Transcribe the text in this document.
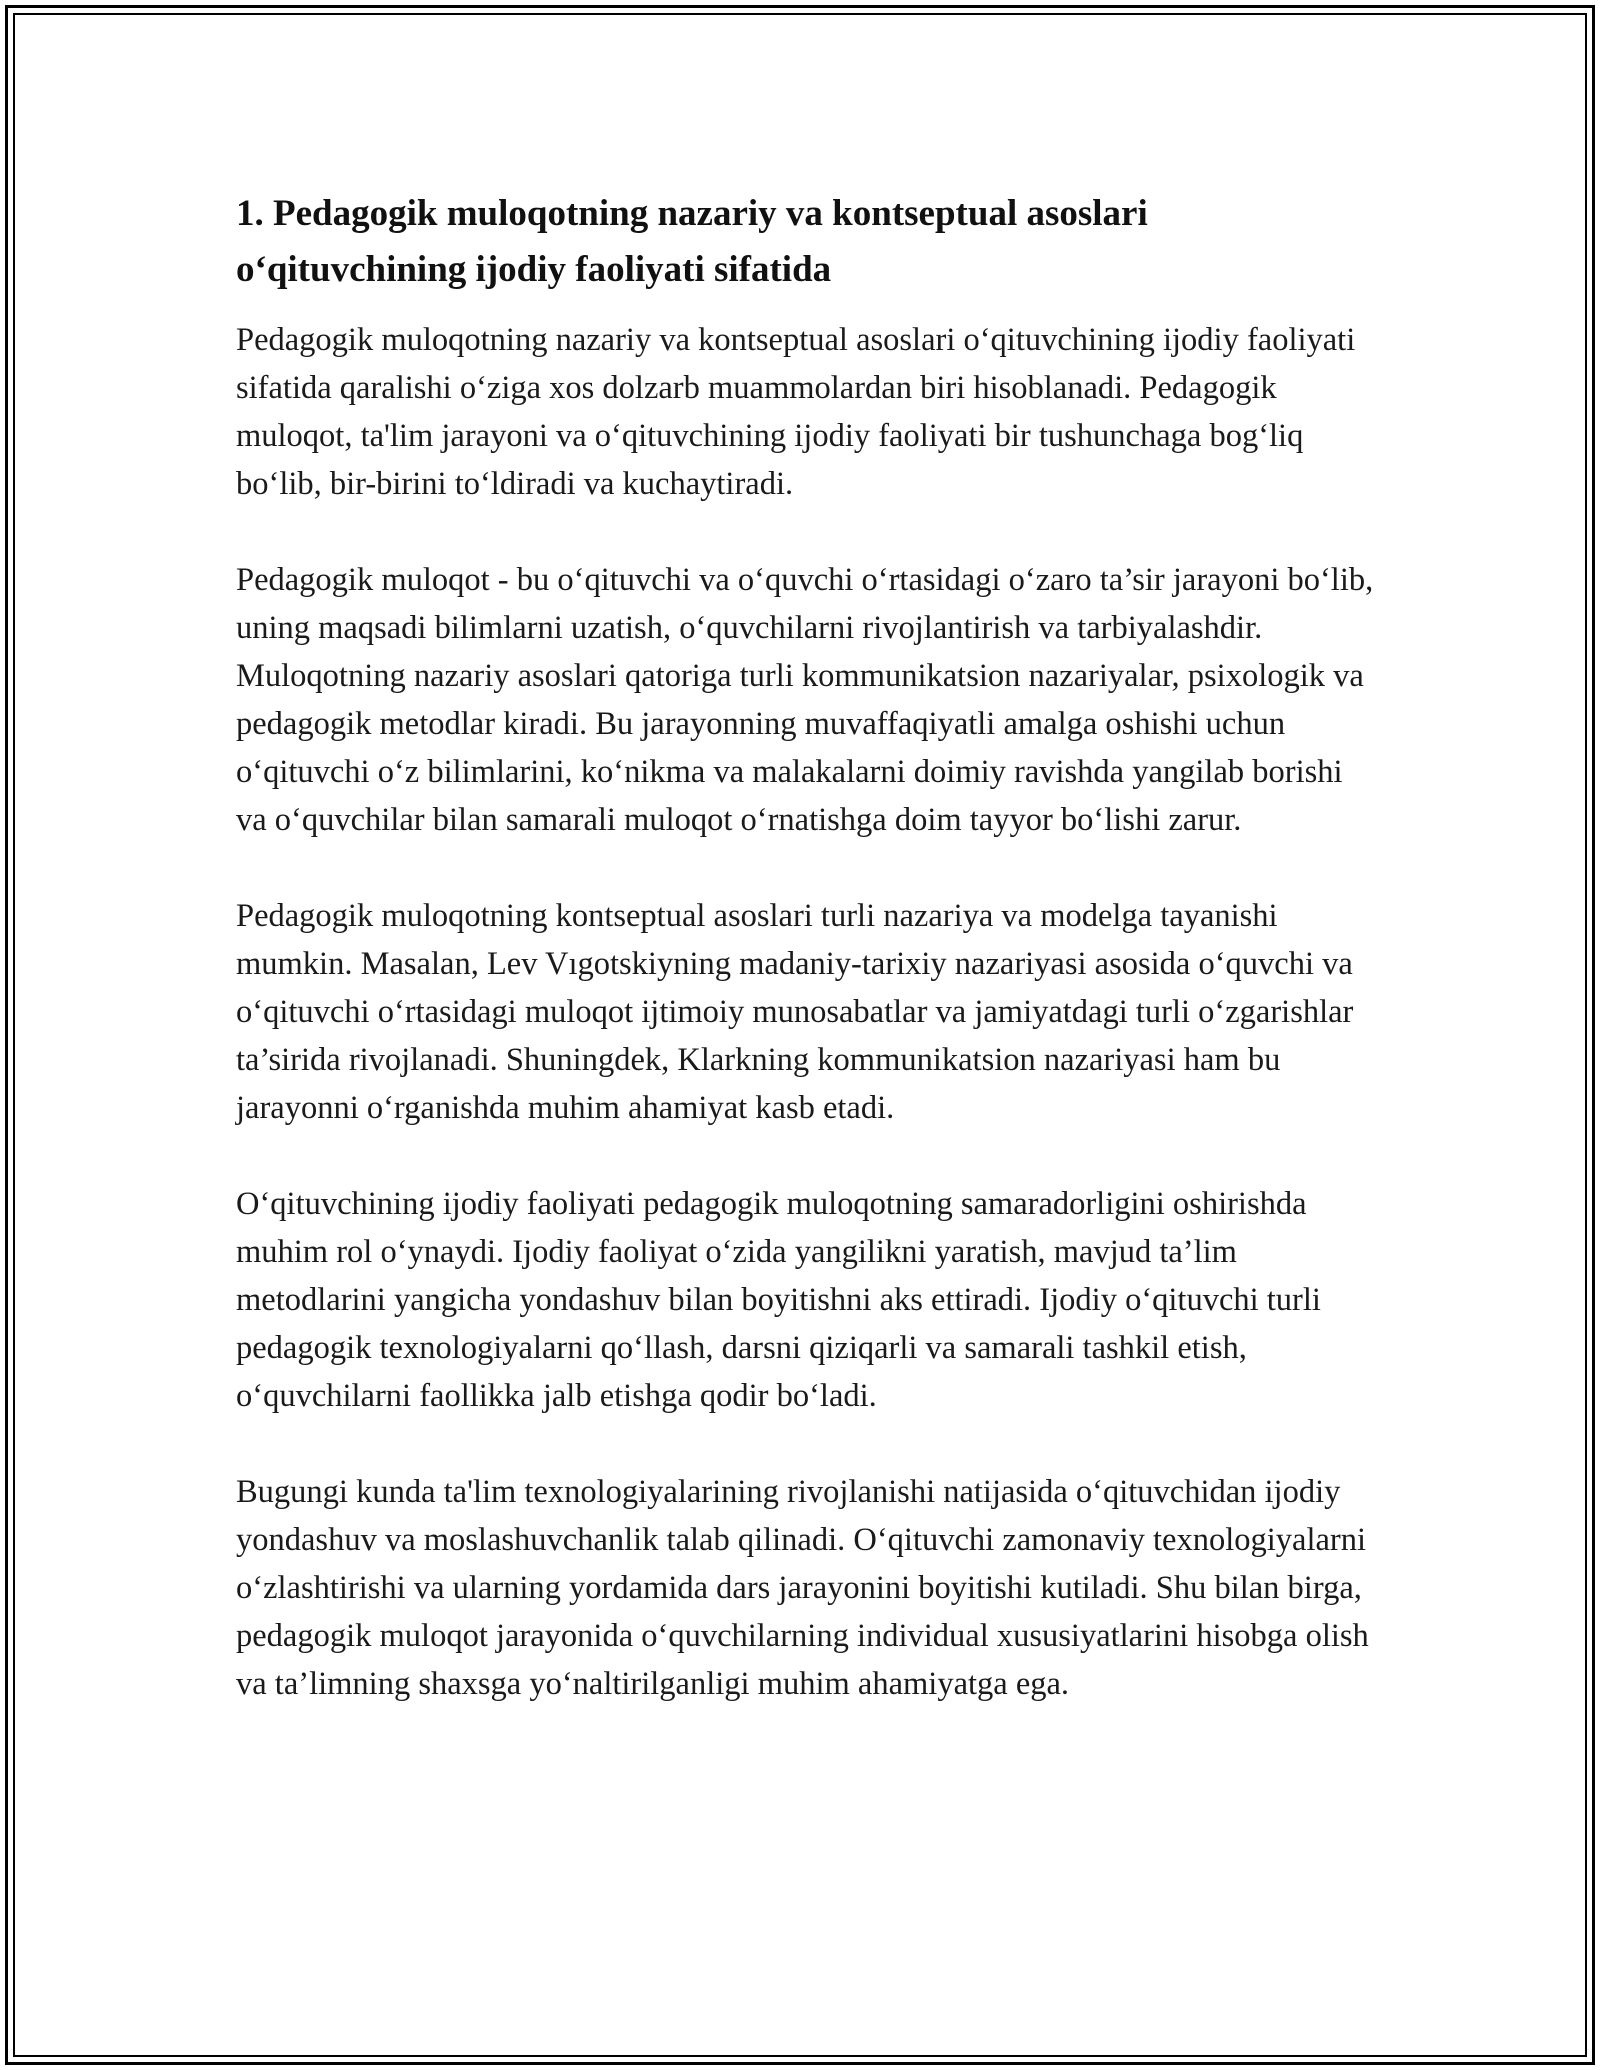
1. Pedagogik muloqotning nazariy va kontseptual asoslari o‘qituvchining ijodiy faoliyati sifatida

Pedagogik muloqotning nazariy va kontseptual asoslari o‘qituvchining ijodiy faoliyati sifatida qaralishi o‘ziga xos dolzarb muammolardan biri hisoblanadi. Pedagogik muloqot, ta'lim jarayoni va o‘qituvchining ijodiy faoliyati bir tushunchaga bog‘liq bo‘lib, bir-birini to‘ldiradi va kuchaytiradi.

Pedagogik muloqot - bu o‘qituvchi va o‘quvchi o‘rtasidagi o‘zaro ta’sir jarayoni bo‘lib, uning maqsadi bilimlarni uzatish, o‘quvchilarni rivojlantirish va tarbiyalashdir. Muloqotning nazariy asoslari qatoriga turli kommunikatsion nazariyalar, psixologik va pedagogik metodlar kiradi. Bu jarayonning muvaffaqiyatli amalga oshishi uchun o‘qituvchi o‘z bilimlarini, ko‘nikma va malakalarni doimiy ravishda yangilab borishi va o‘quvchilar bilan samarali muloqot o‘rnatishga doim tayyor bo‘lishi zarur.

Pedagogik muloqotning kontseptual asoslari turli nazariya va modelga tayanishi mumkin. Masalan, Lev Vıgotskiyning madaniy-tarixiy nazariyasi asosida o‘quvchi va o‘qituvchi o‘rtasidagi muloqot ijtimoiy munosabatlar va jamiyatdagi turli o‘zgarishlar ta’sirida rivojlanadi. Shuningdek, Klarkning kommunikatsion nazariyasi ham bu jarayonni o‘rganishda muhim ahamiyat kasb etadi.

O‘qituvchining ijodiy faoliyati pedagogik muloqotning samaradorligini oshirishda muhim rol o‘ynaydi. Ijodiy faoliyat o‘zida yangilikni yaratish, mavjud ta’lim metodlarini yangicha yondashuv bilan boyitishni aks ettiradi. Ijodiy o‘qituvchi turli pedagogik texnologiyalarni qo‘llash, darsni qiziqarli va samarali tashkil etish, o‘quvchilarni faollikka jalb etishga qodir bo‘ladi.

Bugungi kunda ta'lim texnologiyalarining rivojlanishi natijasida o‘qituvchidan ijodiy yondashuv va moslashuvchanlik talab qilinadi. O‘qituvchi zamonaviy texnologiyalarni o‘zlashtirishi va ularning yordamida dars jarayonini boyitishi kutiladi. Shu bilan birga, pedagogik muloqot jarayonida o‘quvchilarning individual xususiyatlarini hisobga olish va ta’limning shaxsga yo‘naltirilganligi muhim ahamiyatga ega.
